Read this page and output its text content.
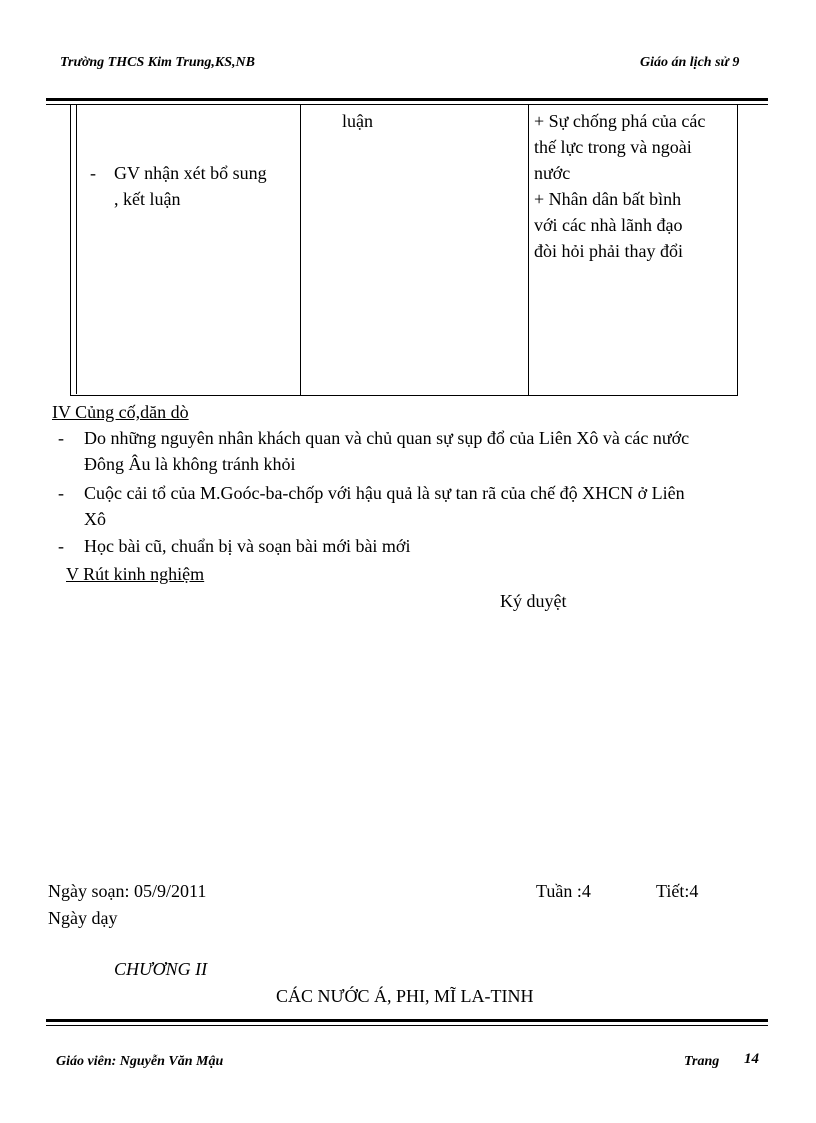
Trường THCS Kim Trung,KS,NB	Giáo án lịch sử 9
- GV nhận xét bổ sung
, kết luận
luận	+ Sự chống phá của các
thế lực trong và ngoài
nước
+ Nhân dân bất bình
với các nhà lãnh đạo
đòi hỏi phải thay đổi
IV Củng cố,dăn dò
- Do những nguyên nhân khách quan và chủ quan sự sụp đổ của Liên Xô và các nước
Đông Âu là không tránh khỏi
- Cuộc cải tổ của M.Goóc-ba-chốp với hậu quả là sự tan rã của chế độ XHCN ở Liên
Xô
- Học bài cũ, chuẩn bị và soạn bài mới bài mới
V Rút kinh nghiệm
Ký duyệt
Ngày soạn: 05/9/2011	Tuần :4	Tiết:4
Ngày dạy
CHƯƠNG II
CÁC NƯỚC Á, PHI, MĨ LA-TINH
Giáo viên: Nguyễn Văn Mậu	Trang 14
